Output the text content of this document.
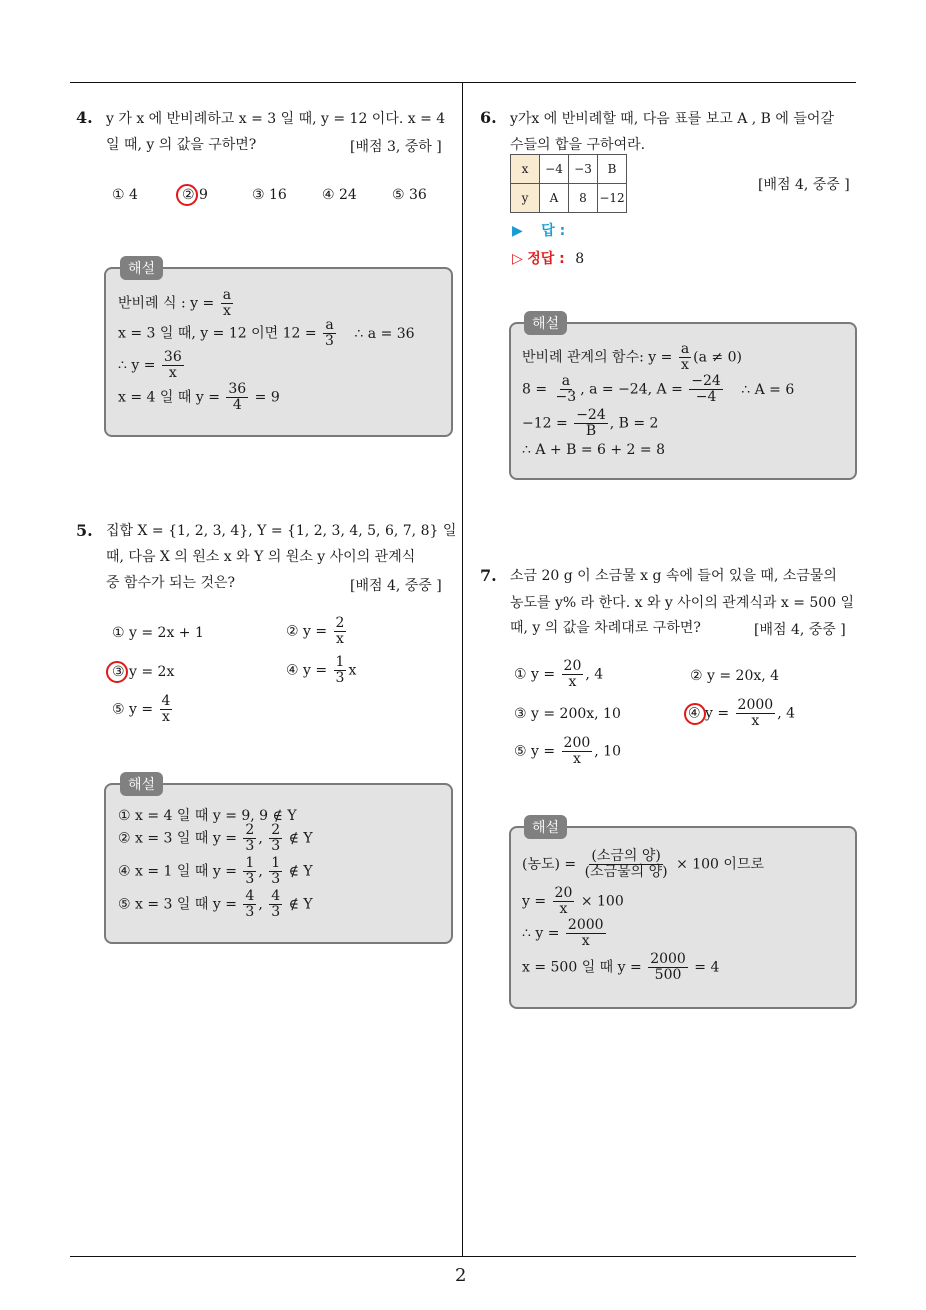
2
4. y 가 x 에 반비례하고 x = 3 일 때, y = 12 이다. x = 4
일 때, y 의 값을 구하면?	[배점 3, 중하 ]
① 4	② 9	③ 16	④ 24	⑤ 36
해설
반비례 식 : $y = \frac{a}{x}$
x = 3 일 때, y = 12 이면 $12 = \frac{a}{3}$ ∴ a = 36
∴ $y = \frac{36}{x}$
x = 4 일 때 $y = \frac{36}{4} = 9$
5. 집합 X = {1, 2, 3, 4}, Y = {1, 2, 3, 4, 5, 6, 7, 8} 일
때, 다음 X 의 원소 x 와 Y 의 원소 y 사이의 관계식
중 함수가 되는 것은?	[배점 4, 중중 ]
① y = 2x + 1	② $y = \frac{2}{x}$
③ y = 2x	④ $y = \frac{1}{3}$ x
⑤ $y = \frac{4}{x}$
해설
① x = 4 일 때 y = 9, 9 ∉ Y
② x = 3 일 때 $y = \frac{2}{3}$ , $\frac{2}{3}$ ∉ Y
④ x = 1 일 때 $y = \frac{1}{3}$ , $\frac{1}{3}$ ∉ Y
⑤ x = 3 일 때 $y = \frac{4}{3}$ , $\frac{4}{3}$ ∉ Y
6. y가x 에 반비례할 때, 다음 표를 보고 A , B 에 들어갈
수들의 합을 구하여라.
x	−4	−3	B
y	A	8	−12
[배점 4, 중중 ]
▶ 답 :
▷ 정답 : 8
해설
반비례 관계의 함수: $y = \frac{a}{x} (a \ne 0)$
$8 = \frac{a}{-3}$ , a = −24, $A = \frac{-24}{-4}$ ∴ A = 6
$-12 = \frac{-24}{B}$ , B = 2
∴ A + B = 6 + 2 = 8
7. 소금 20 g 이 소금물 x g 속에 들어 있을 때, 소금물의
농도를 y% 라 한다. x 와 y 사이의 관계식과 x = 500 일
때, y 의 값을 차례대로 구하면?	[배점 4, 중중 ]
① $y = \frac{20}{x}$ , 4	② y = 20x, 4
③ y = 200x, 10	④ $y = \frac{2000}{x}$ , 4
⑤ $y = \frac{200}{x}$ , 10
해설
(농도) = $\frac{\text{(소금의 양)}}{\text{(소금물의 양)}} \times 100$ 이므로
$y = \frac{20}{x} \times 100$
∴ $y = \frac{2000}{x}$
x = 500 일 때 $y = \frac{2000}{500} = 4$
